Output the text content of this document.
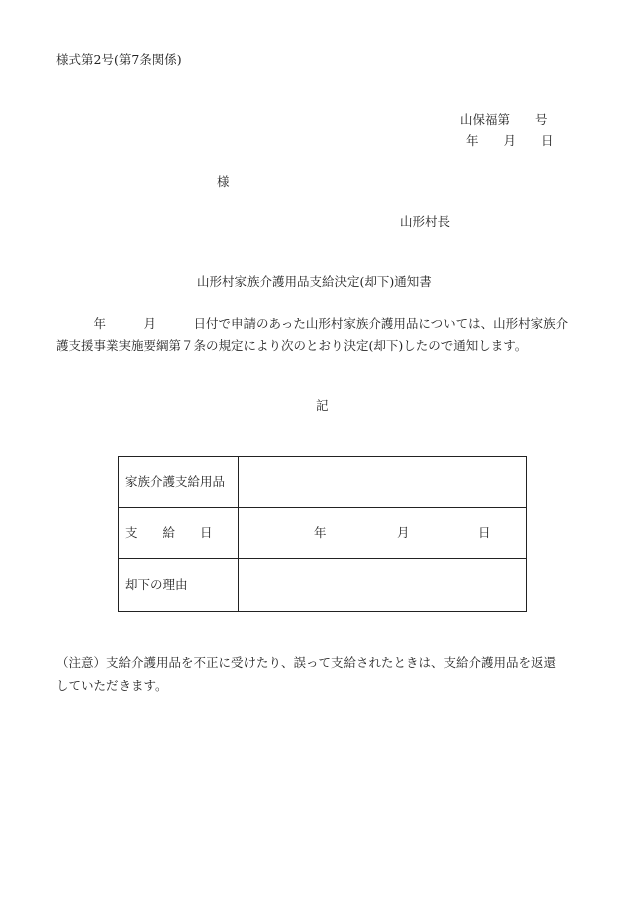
様式第2号(第7条関係)
山保福第　　号
年　　月　　日
様
山形村長
山形村家族介護用品支給決定(却下)通知書
　　　年　　　月　　　日付で申請のあった山形村家族介護用品については、山形村家族介
護支援事業実施要綱第７条の規定により次のとおり決定(却下)したので通知します。
記
家族介護支給用品	
支　　給　　日	年 月 日

却下の理由	
（注意）支給介護用品を不正に受けたり、誤って支給されたときは、支給介護用品を返還
していただきます。
